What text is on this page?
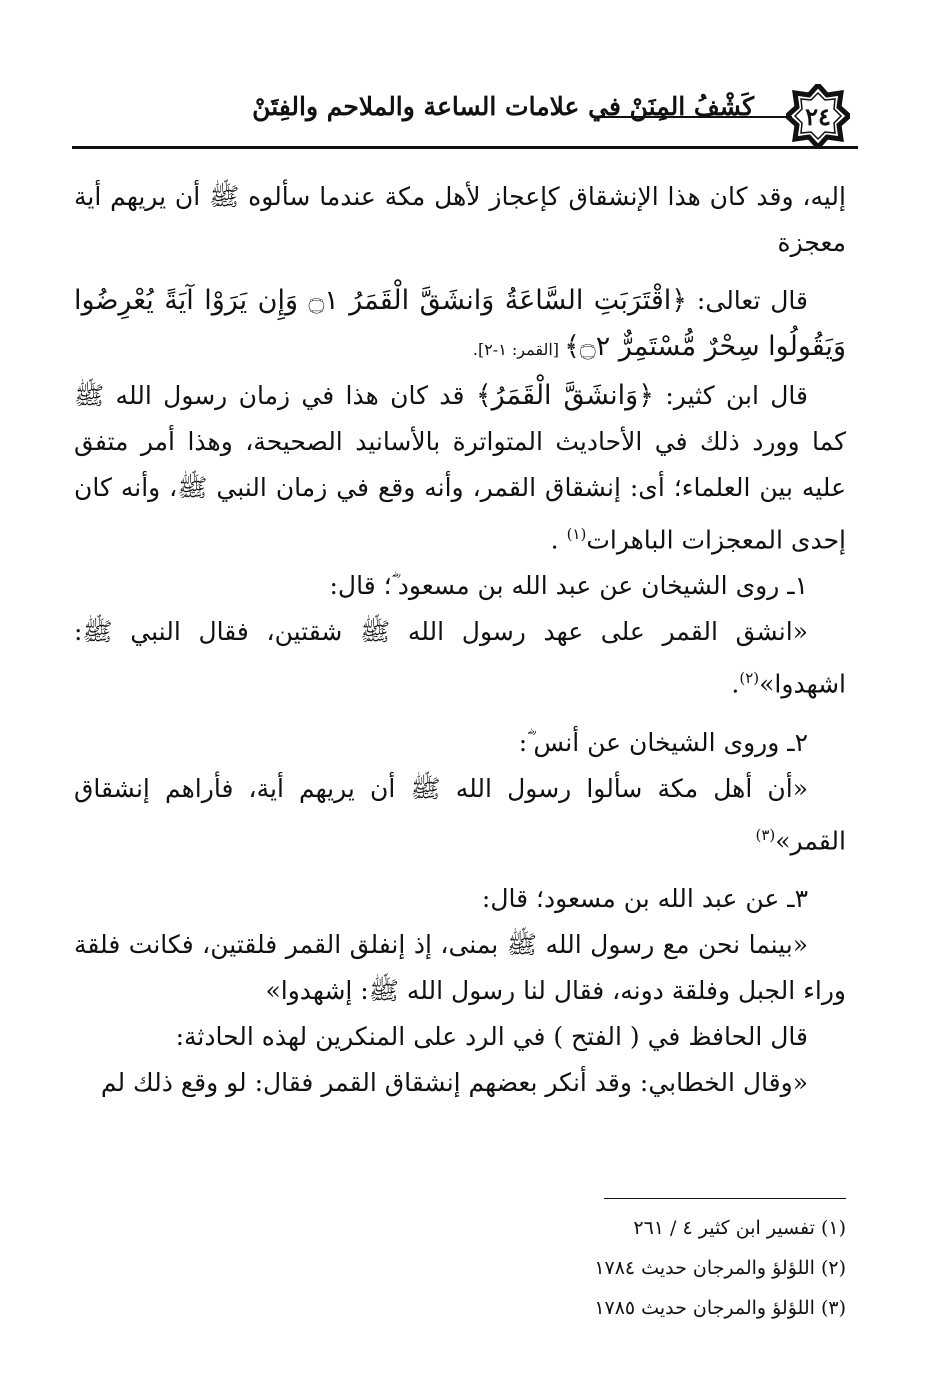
٢٤
كَشْفُ المِنَنْ في علامات الساعة والملاحم والفِتَنْ

إليه، وقد كان هذا الإنشقاق كإعجاز لأهل مكة عندما سألوه ﷺ أن يريهم أية معجزة

قال تعالى: ﴿اقْتَرَبَتِ السَّاعَةُ وَانشَقَّ الْقَمَرُ ۝١ وَإِن يَرَوْا آيَةً يُعْرِضُوا وَيَقُولُوا سِحْرٌ مُّسْتَمِرٌّ ۝٢﴾ [القمر: ١-٢].

قال ابن كثير: ﴿وَانشَقَّ الْقَمَرُ﴾ قد كان هذا في زمان رسول الله ﷺ كما وورد ذلك في الأحاديث المتواترة بالأسانيد الصحيحة، وهذا أمر متفق عليه بين العلماء؛ أى: إنشقاق القمر، وأنه وقع في زمان النبي ﷺ، وأنه كان إحدى المعجزات الباهرات$^{(١)}$ .

١ـ روى الشيخان عن عبد الله بن مسعود ؓ؛ قال:

«انشق القمر على عهد رسول الله ﷺ شقتين، فقال النبي ﷺ: اشهدوا»$^{(٢)}$.

٢ـ وروى الشيخان عن أنس ؓ:

«أن أهل مكة سألوا رسول الله ﷺ أن يريهم أية، فأراهم إنشقاق القمر»$^{(٣)}$

٣ـ عن عبد الله بن مسعود؛ قال:

«بينما نحن مع رسول الله ﷺ بمنى، إذ إنفلق القمر فلقتين، فكانت فلقة وراء الجبل وفلقة دونه، فقال لنا رسول الله ﷺ: إشهدوا»

قال الحافظ في ( الفتح ) في الرد على المنكرين لهذه الحادثة:

«وقال الخطابي: وقد أنكر بعضهم إنشقاق القمر فقال: لو وقع ذلك لم

(١) تفسير ابن كثير ٤ / ٢٦١

(٢) اللؤلؤ والمرجان حديث ١٧٨٤

(٣) اللؤلؤ والمرجان حديث ١٧٨٥
